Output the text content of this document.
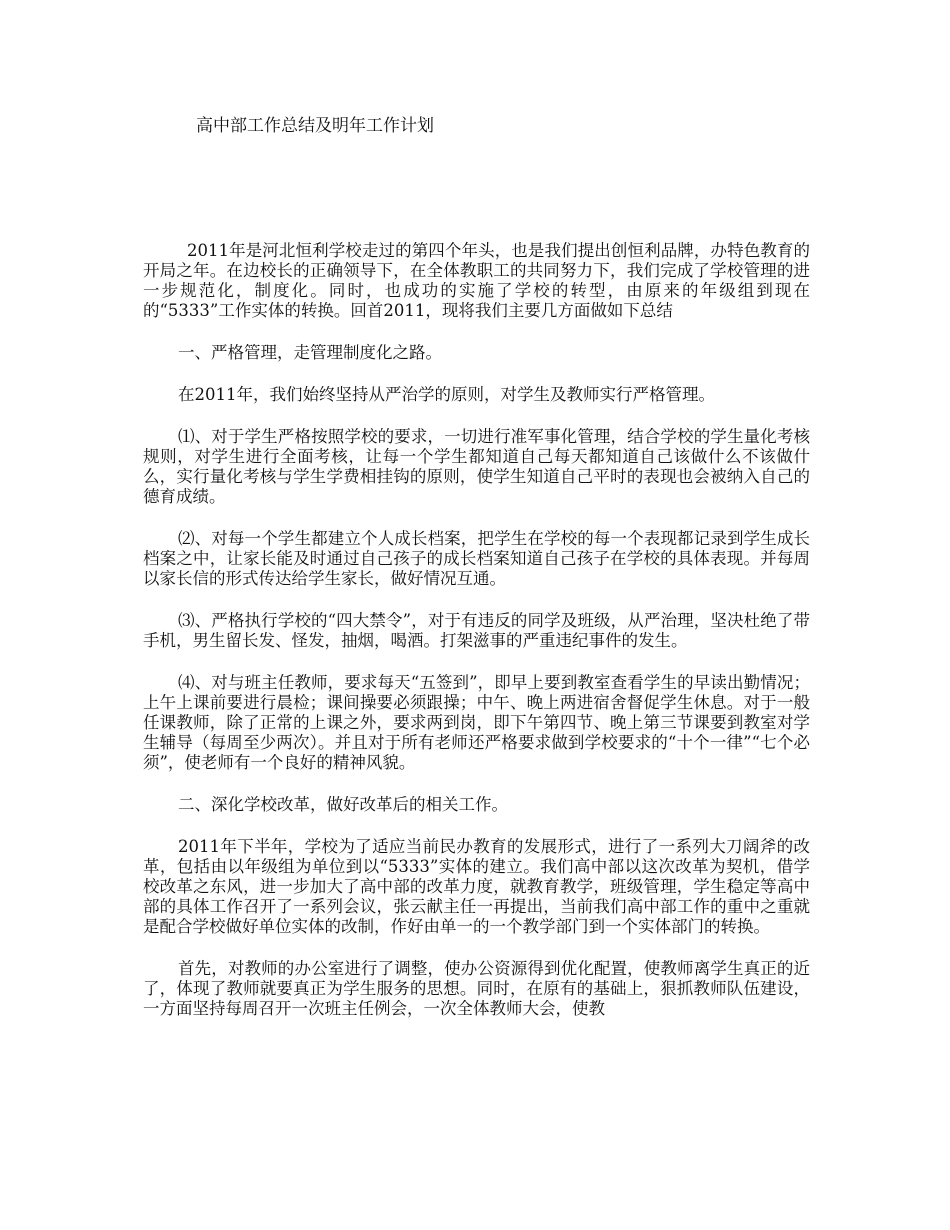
高中部工作总结及明年工作计划

2011年是河北恒利学校走过的第四个年头，也是我们提出创恒利品牌，办特色教育的开局之年。在边校长的正确领导下，在全体教职工的共同努力下，我们完成了学校管理的进一步规范化，制度化。同时，也成功的实施了学校的转型，由原来的年级组到现在的“5333”工作实体的转换。回首2011，现将我们主要几方面做如下总结

一、严格管理，走管理制度化之路。

在2011年，我们始终坚持从严治学的原则，对学生及教师实行严格管理。

⑴、对于学生严格按照学校的要求，一切进行准军事化管理，结合学校的学生量化考核规则，对学生进行全面考核，让每一个学生都知道自己每天都知道自己该做什么不该做什么，实行量化考核与学生学费相挂钩的原则，使学生知道自己平时的表现也会被纳入自己的德育成绩。

⑵、对每一个学生都建立个人成长档案，把学生在学校的每一个表现都记录到学生成长档案之中，让家长能及时通过自己孩子的成长档案知道自己孩子在学校的具体表现。并每周以家长信的形式传达给学生家长，做好情况互通。

⑶、严格执行学校的“四大禁令”，对于有违反的同学及班级，从严治理，坚决杜绝了带手机，男生留长发、怪发，抽烟，喝酒。打架滋事的严重违纪事件的发生。

⑷、对与班主任教师，要求每天“五签到”，即早上要到教室查看学生的早读出勤情况；上午上课前要进行晨检；课间操要必须跟操；中午、晚上两进宿舍督促学生休息。对于一般任课教师，除了正常的上课之外，要求两到岗，即下午第四节、晚上第三节课要到教室对学生辅导（每周至少两次）。并且对于所有老师还严格要求做到学校要求的“十个一律”“七个必须”，使老师有一个良好的精神风貌。

二、深化学校改革，做好改革后的相关工作。

2011年下半年，学校为了适应当前民办教育的发展形式，进行了一系列大刀阔斧的改革，包括由以年级组为单位到以“5333”实体的建立。我们高中部以这次改革为契机，借学校改革之东风，进一步加大了高中部的改革力度，就教育教学，班级管理，学生稳定等高中部的具体工作召开了一系列会议，张云献主任一再提出，当前我们高中部工作的重中之重就是配合学校做好单位实体的改制，作好由单一的一个教学部门到一个实体部门的转换。

首先，对教师的办公室进行了调整，使办公资源得到优化配置，使教师离学生真正的近了，体现了教师就要真正为学生服务的思想。同时，在原有的基础上，狠抓教师队伍建设，一方面坚持每周召开一次班主任例会，一次全体教师大会，使教
